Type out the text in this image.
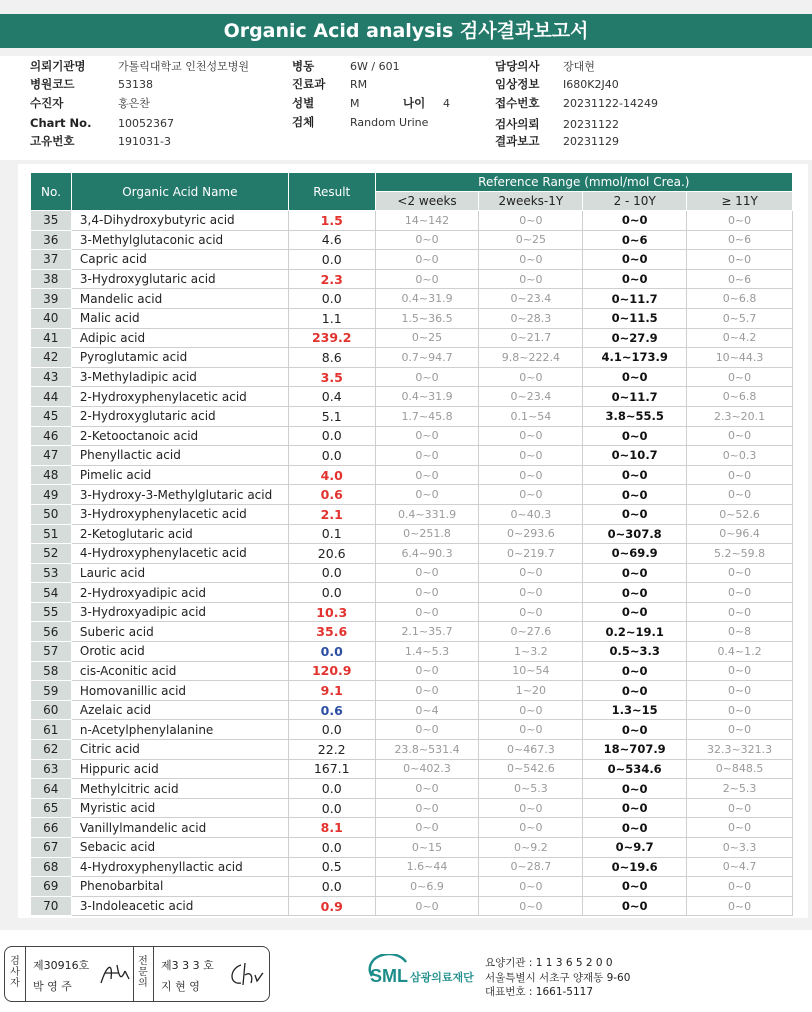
Organic Acid analysis 검사결과보고서
의뢰기관명	가톨릭대학교 인천성모병원
병원코드	53138
수진자	홍은찬
Chart No. 10052367
고유번호	191031-3
병동	6W / 601
진료과 RM
성별	M
검체	Random Urine
나이 4
담당의사 장대현
임상정보 I680K2J40
접수번호 20231122-14249
검사의뢰 20231122
결과보고 20231129
No.	Organic Acid Name	Result	Reference Range (mmol/mol Crea.)			
			<2 weeks	2weeks-1Y	2 - 10Y	≥ 11Y
35	3,4-Dihydroxybutyric acid	1.5	14~142	0~0	0~0	0~0
36	3-Methylglutaconic acid	4.6	0~0	0~25	0~6	0~6
37	Capric acid	0.0	0~0	0~0	0~0	0~0
38	3-Hydroxyglutaric acid	2.3	0~0	0~0	0~0	0~6
39	Mandelic acid	0.0	0.4~31.9	0~23.4	0~11.7	0~6.8
40	Malic acid	1.1	1.5~36.5	0~28.3	0~11.5	0~5.7
41	Adipic acid	239.2	0~25	0~21.7	0~27.9	0~4.2
42	Pyroglutamic acid	8.6	0.7~94.7	9.8~222.4	4.1~173.9	10~44.3
43	3-Methyladipic acid	3.5	0~0	0~0	0~0	0~0
44	2-Hydroxyphenylacetic acid	0.4	0.4~31.9	0~23.4	0~11.7	0~6.8
45	2-Hydroxyglutaric acid	5.1	1.7~45.8	0.1~54	3.8~55.5	2.3~20.1
46	2-Ketooctanoic acid	0.0	0~0	0~0	0~0	0~0
47	Phenyllactic acid	0.0	0~0	0~0	0~10.7	0~0.3
48	Pimelic acid	4.0	0~0	0~0	0~0	0~0
49	3-Hydroxy-3-Methylglutaric acid	0.6	0~0	0~0	0~0	0~0
50	3-Hydroxyphenylacetic acid	2.1	0.4~331.9	0~40.3	0~0	0~52.6
51	2-Ketoglutaric acid	0.1	0~251.8	0~293.6	0~307.8	0~96.4
52	4-Hydroxyphenylacetic acid	20.6	6.4~90.3	0~219.7	0~69.9	5.2~59.8
53	Lauric acid	0.0	0~0	0~0	0~0	0~0
54	2-Hydroxyadipic acid	0.0	0~0	0~0	0~0	0~0
55	3-Hydroxyadipic acid	10.3	0~0	0~0	0~0	0~0
56	Suberic acid	35.6	2.1~35.7	0~27.6	0.2~19.1	0~8
57	Orotic acid	0.0	1.4~5.3	1~3.2	0.5~3.3	0.4~1.2
58	cis-Aconitic acid	120.9	0~0	10~54	0~0	0~0
59	Homovanillic acid	9.1	0~0	1~20	0~0	0~0
60	Azelaic acid	0.6	0~4	0~0	1.3~15	0~0
61	n-Acetylphenylalanine	0.0	0~0	0~0	0~0	0~0
62	Citric acid	22.2	23.8~531.4	0~467.3	18~707.9	32.3~321.3
63	Hippuric acid	167.1	0~402.3	0~542.6	0~534.6	0~848.5
64	Methylcitric acid	0.0	0~0	0~5.3	0~0	2~5.3
65	Myristic acid	0.0	0~0	0~0	0~0	0~0
66	Vanillylmandelic acid	8.1	0~0	0~0	0~0	0~0
67	Sebacic acid	0.0	0~15	0~9.2	0~9.7	0~3.3
68	4-Hydroxyphenyllactic acid	0.5	1.6~44	0~28.7	0~19.6	0~4.7
69	Phenobarbital	0.0	0~6.9	0~0	0~0	0~0
70	3-Indoleacetic acid	0.9	0~0	0~0	0~0	0~0
검
사
자
제30916호
박 영 주
전
문
의
제3 3 3 호
지 현 영
SML 삼광의료재단
요양기관 : 1 1 3 6 5 2 0 0
서울특별시 서초구 양재동 9-60
대표번호 : 1661-5117
